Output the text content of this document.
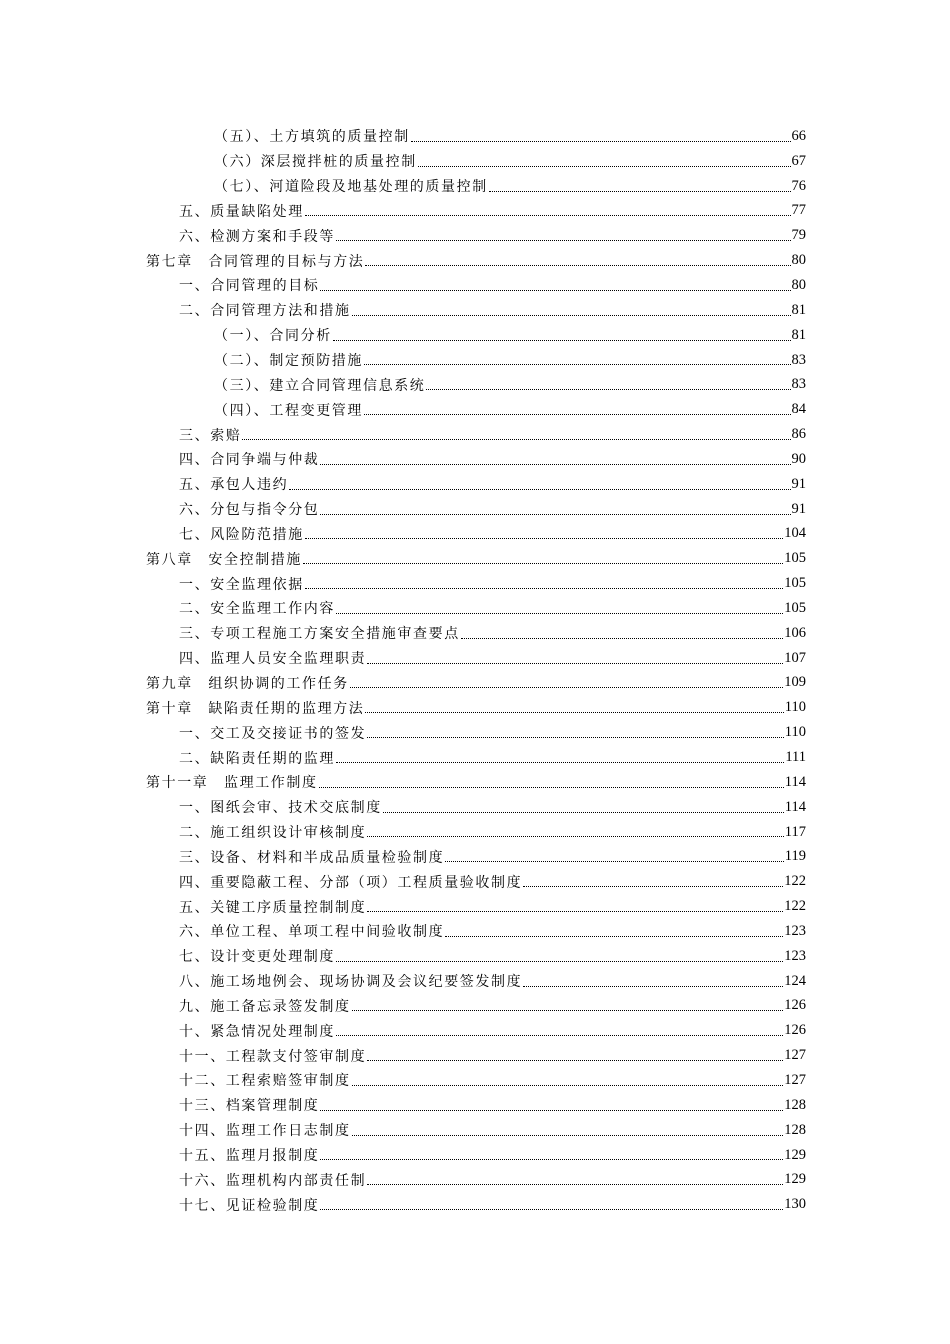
（五）、土方填筑的质量控制	66
（六）深层搅拌桩的质量控制	67
（七）、河道险段及地基处理的质量控制	76
五、质量缺陷处理	77
六、检测方案和手段等	79
第七章　合同管理的目标与方法	80
一、合同管理的目标	80
二、合同管理方法和措施	81
（一）、合同分析	81
（二）、制定预防措施	83
（三）、建立合同管理信息系统	83
（四）、工程变更管理	84
三、索赔	86
四、合同争端与仲裁	90
五、承包人违约	91
六、分包与指令分包	91
七、风险防范措施	104
第八章　安全控制措施	105
一、安全监理依据	105
二、安全监理工作内容	105
三、专项工程施工方案安全措施审查要点	106
四、监理人员安全监理职责	107
第九章　组织协调的工作任务	109
第十章　缺陷责任期的监理方法	110
一、交工及交接证书的签发	110
二、缺陷责任期的监理	111
第十一章　监理工作制度	114
一、图纸会审、技术交底制度	114
二、施工组织设计审核制度	117
三、设备、材料和半成品质量检验制度	119
四、重要隐蔽工程、分部（项）工程质量验收制度	122
五、关键工序质量控制制度	122
六、单位工程、单项工程中间验收制度	123
七、设计变更处理制度	123
八、施工场地例会、现场协调及会议纪要签发制度	124
九、施工备忘录签发制度	126
十、紧急情况处理制度	126
十一、工程款支付签审制度	127
十二、工程索赔签审制度	127
十三、档案管理制度	128
十四、监理工作日志制度	128
十五、监理月报制度	129
十六、监理机构内部责任制	129
十七、见证检验制度	130
